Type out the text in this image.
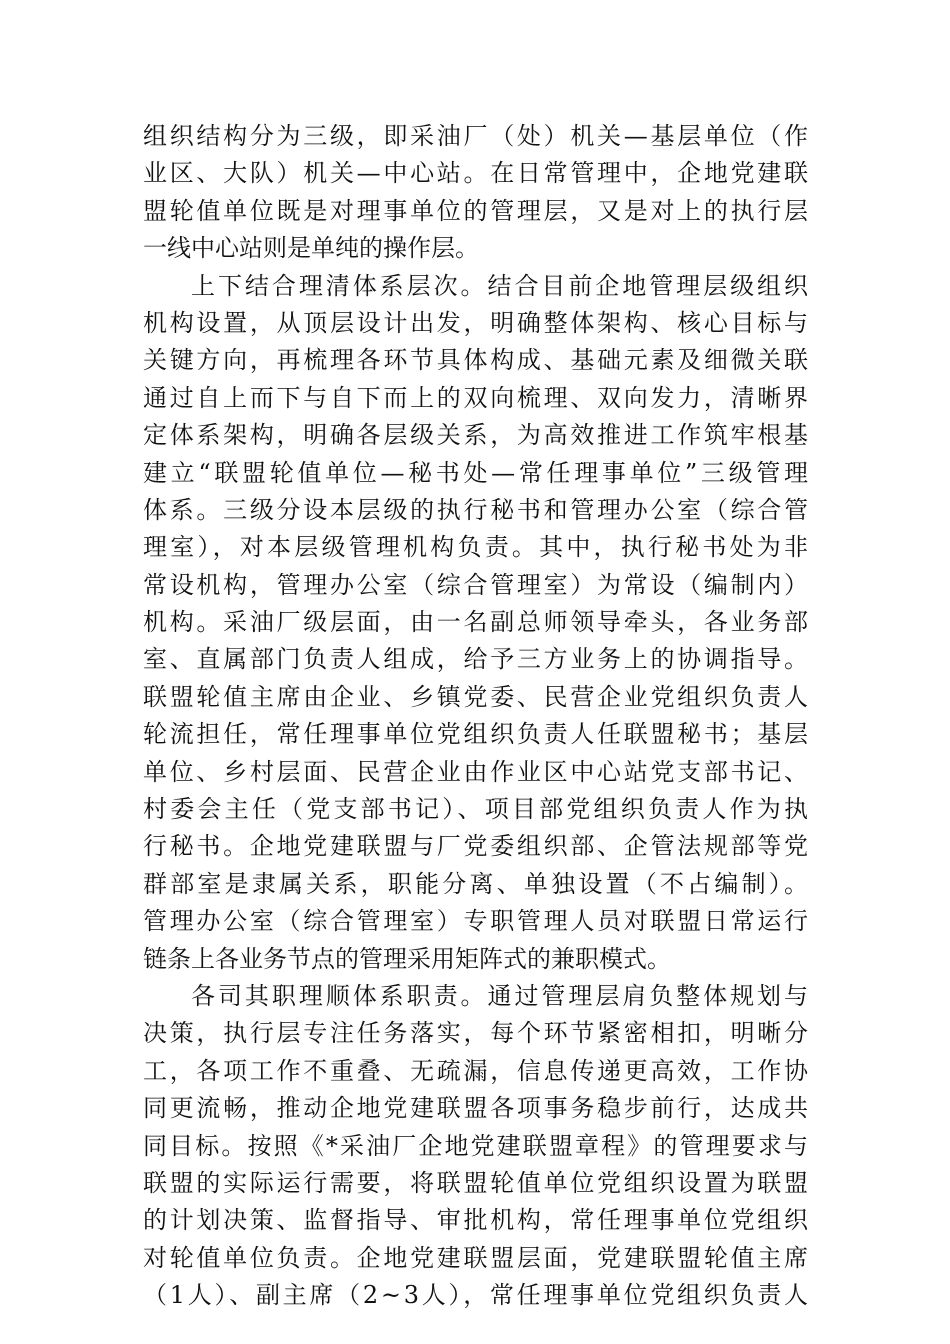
组织结构分为三级，即采油厂（处）机关—基层单位（作
业区、大队）机关—中心站。在日常管理中，企地党建联
盟轮值单位既是对理事单位的管理层，又是对上的执行层
一线中心站则是单纯的操作层。
上下结合理清体系层次。结合目前企地管理层级组织
机构设置，从顶层设计出发，明确整体架构、核心目标与
关键方向，再梳理各环节具体构成、基础元素及细微关联
通过自上而下与自下而上的双向梳理、双向发力，清晰界
定体系架构，明确各层级关系，为高效推进工作筑牢根基
建立“联盟轮值单位—秘书处—常任理事单位”三级管理
体系。三级分设本层级的执行秘书和管理办公室（综合管
理室），对本层级管理机构负责。其中，执行秘书处为非
常设机构，管理办公室（综合管理室）为常设（编制内）
机构。采油厂级层面，由一名副总师领导牵头，各业务部
室、直属部门负责人组成，给予三方业务上的协调指导。
联盟轮值主席由企业、乡镇党委、民营企业党组织负责人
轮流担任，常任理事单位党组织负责人任联盟秘书；基层
单位、乡村层面、民营企业由作业区中心站党支部书记、
村委会主任（党支部书记）、项目部党组织负责人作为执
行秘书。企地党建联盟与厂党委组织部、企管法规部等党
群部室是隶属关系，职能分离、单独设置（不占编制）。
管理办公室（综合管理室）专职管理人员对联盟日常运行
链条上各业务节点的管理采用矩阵式的兼职模式。
各司其职理顺体系职责。通过管理层肩负整体规划与
决策，执行层专注任务落实，每个环节紧密相扣，明晰分
工，各项工作不重叠、无疏漏，信息传递更高效，工作协
同更流畅，推动企地党建联盟各项事务稳步前行，达成共
同目标。按照《*采油厂企地党建联盟章程》的管理要求与
联盟的实际运行需要，将联盟轮值单位党组织设置为联盟
的计划决策、监督指导、审批机构，常任理事单位党组织
对轮值单位负责。企地党建联盟层面，党建联盟轮值主席
（1人）、副主席（2~3人），常任理事单位党组织负责人
